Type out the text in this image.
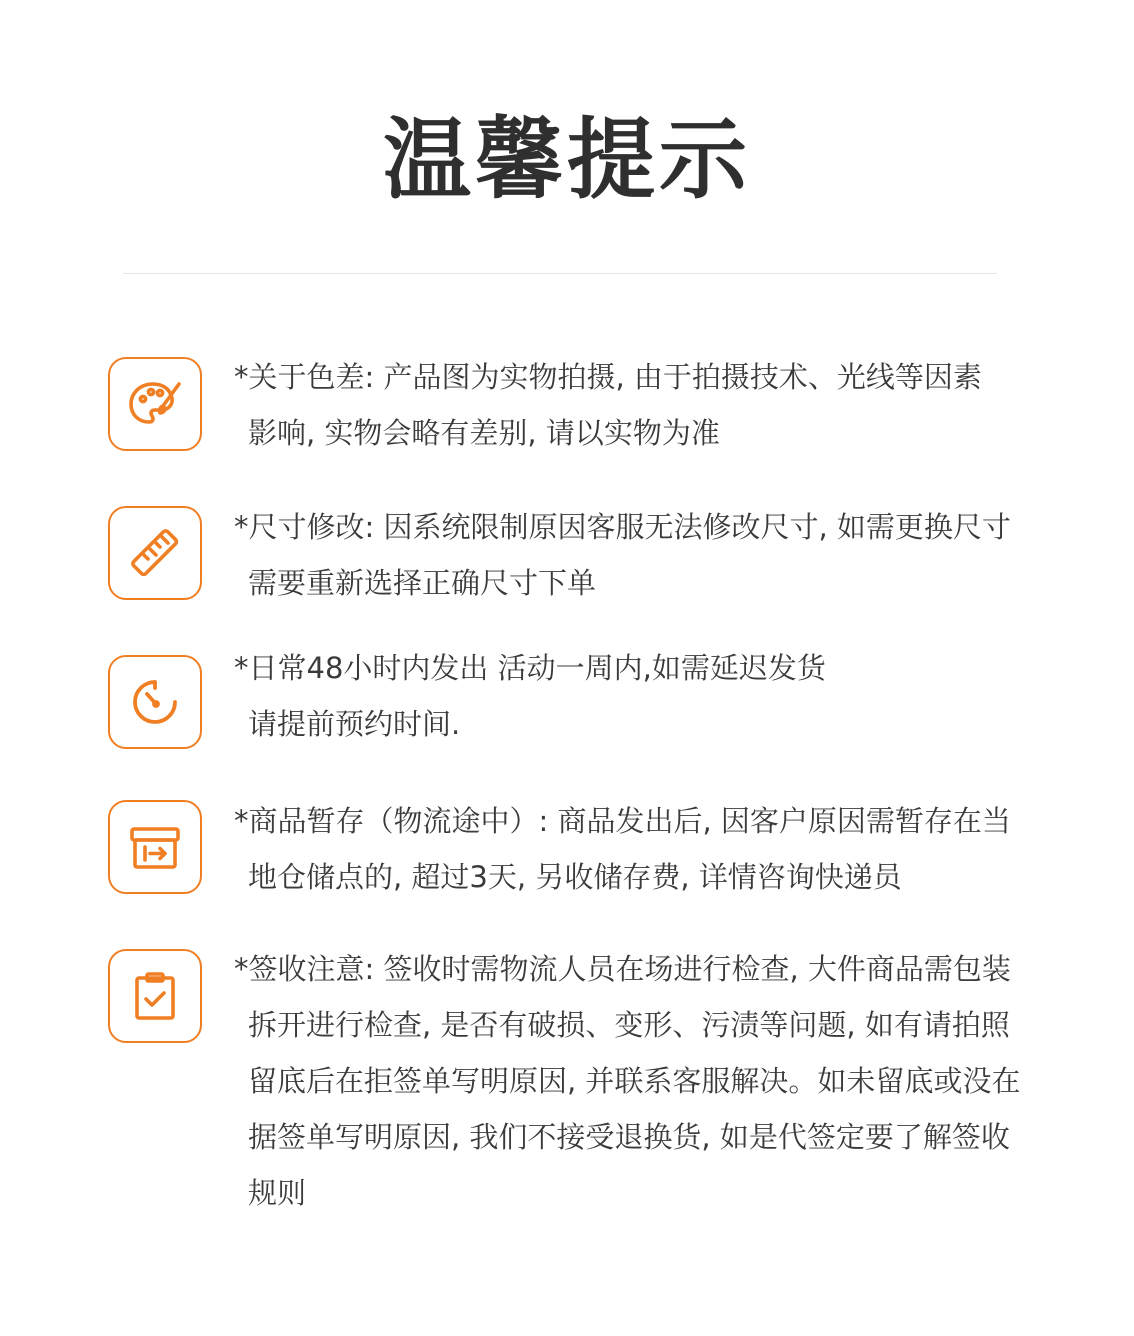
温馨提示
*关于色差: 产品图为实物拍摄, 由于拍摄技术、光线等因素
影响, 实物会略有差别, 请以实物为准
*尺寸修改: 因系统限制原因客服无法修改尺寸, 如需更换尺寸
需要重新选择正确尺寸下单
*日常48小时内发出 活动一周内,如需延迟发货
请提前预约时间.
*商品暂存（物流途中）: 商品发出后, 因客户原因需暂存在当
地仓储点的, 超过3天, 另收储存费, 详情咨询快递员
*签收注意: 签收时需物流人员在场进行检查, 大件商品需包装
拆开进行检查, 是否有破损、变形、污渍等问题, 如有请拍照
留底后在拒签单写明原因, 并联系客服解决。如未留底或没在
据签单写明原因, 我们不接受退换货, 如是代签定要了解签收
规则
